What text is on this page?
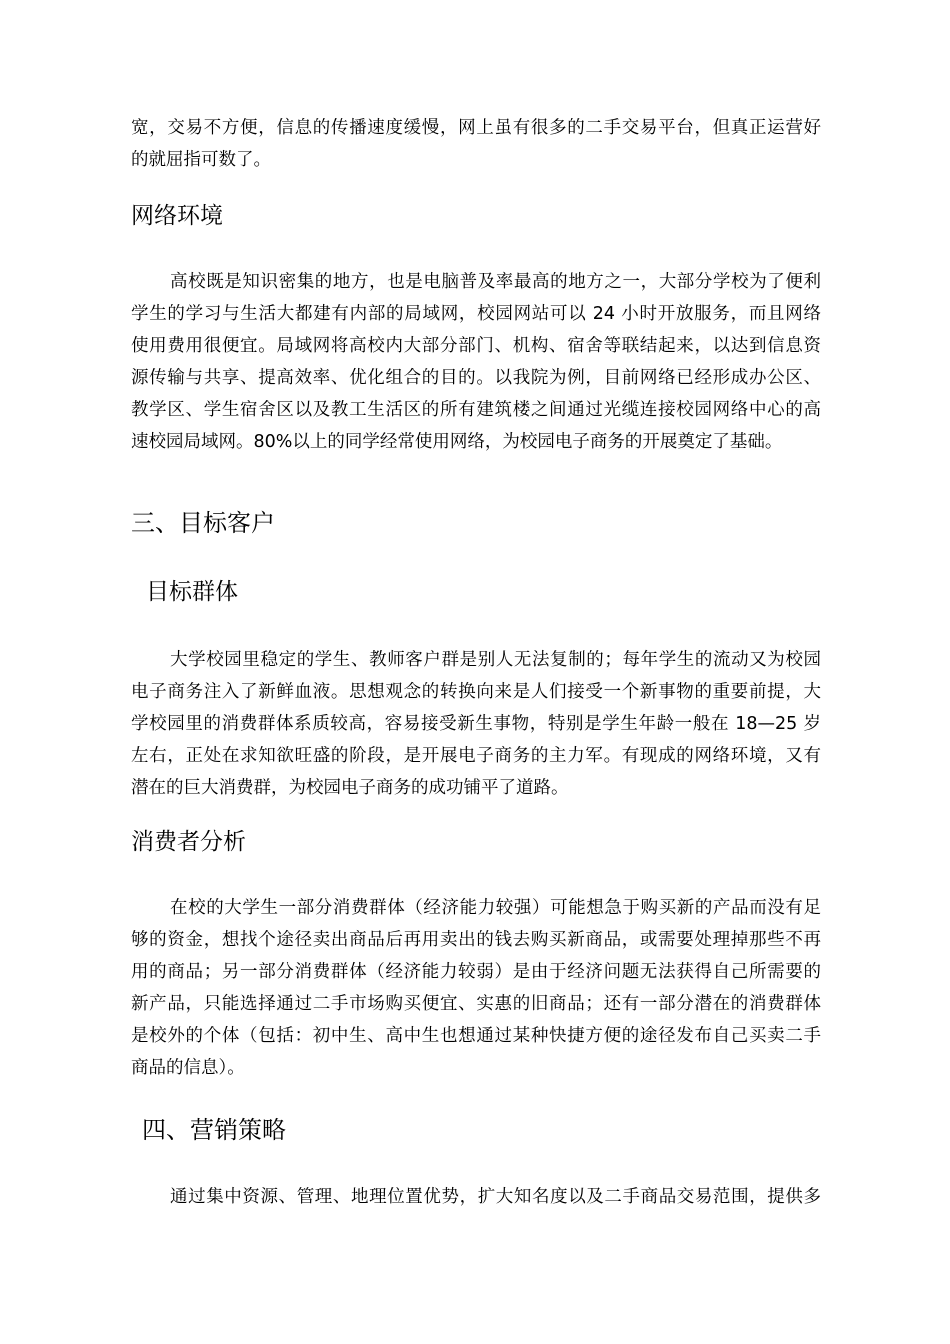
宽，交易不方便，信息的传播速度缓慢，网上虽有很多的二手交易平台，但真正运营好
的就屈指可数了。
网络环境
高校既是知识密集的地方，也是电脑普及率最高的地方之一，大部分学校为了便利
学生的学习与生活大都建有内部的局域网，校园网站可以 24 小时开放服务，而且网络
使用费用很便宜。局域网将高校内大部分部门、机构、宿舍等联结起来，以达到信息资
源传输与共享、提高效率、优化组合的目的。以我院为例，目前网络已经形成办公区、
教学区、学生宿舍区以及教工生活区的所有建筑楼之间通过光缆连接校园网络中心的高
速校园局域网。80%以上的同学经常使用网络，为校园电子商务的开展奠定了基础。
三、目标客户
目标群体
大学校园里稳定的学生、教师客户群是别人无法复制的；每年学生的流动又为校园
电子商务注入了新鲜血液。思想观念的转换向来是人们接受一个新事物的重要前提，大
学校园里的消费群体系质较高，容易接受新生事物，特别是学生年龄一般在 18—25 岁
左右，正处在求知欲旺盛的阶段，是开展电子商务的主力军。有现成的网络环境，又有
潜在的巨大消费群，为校园电子商务的成功铺平了道路。
消费者分析
在校的大学生一部分消费群体（经济能力较强）可能想急于购买新的产品而没有足
够的资金，想找个途径卖出商品后再用卖出的钱去购买新商品，或需要处理掉那些不再
用的商品；另一部分消费群体（经济能力较弱）是由于经济问题无法获得自己所需要的
新产品，只能选择通过二手市场购买便宜、实惠的旧商品；还有一部分潜在的消费群体
是校外的个体（包括：初中生、高中生也想通过某种快捷方便的途径发布自己买卖二手
商品的信息）。
四、营销策略
通过集中资源、管理、地理位置优势，扩大知名度以及二手商品交易范围，提供多
